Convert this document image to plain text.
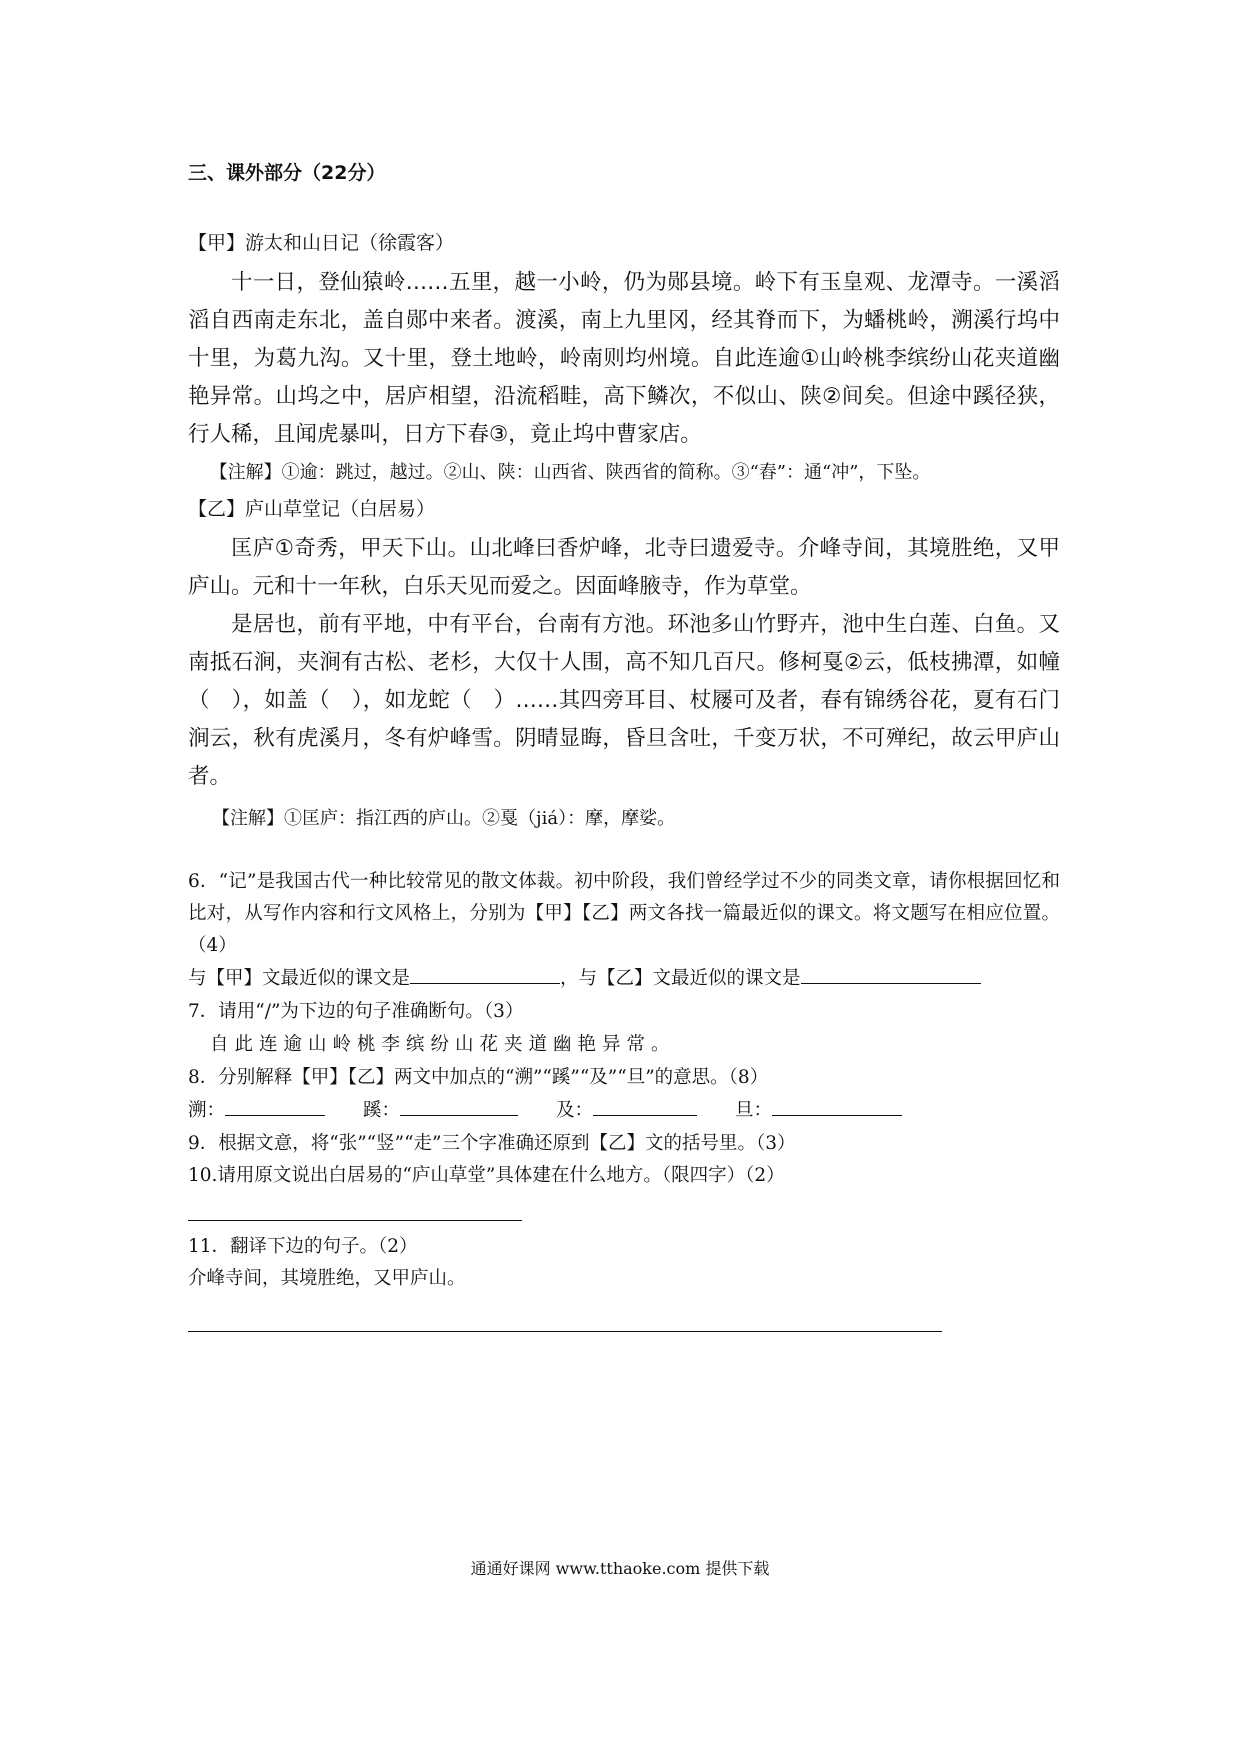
三、课外部分（22分）
【甲】游太和山日记（徐霞客）

十一日，登仙猿岭……五里，越一小岭，仍为郧县境。岭下有玉皇观、龙潭寺。一溪滔滔自西南走东北，盖自郧中来者。渡溪，南上九里冈，经其脊而下，为蟠桃岭，溯溪行坞中十里，为葛九沟。又十里，登土地岭，岭南则均州境。自此连逾①山岭桃李缤纷山花夹道幽艳异常。山坞之中，居庐相望，沿流稻畦，高下鳞次，不似山、陕②间矣。但途中蹊径狭，行人稀，且闻虎暴叫，日方下春③，竟止坞中曹家店。

【注解】①逾：跳过，越过。②山、陕：山西省、陕西省的简称。③“舂”：通“冲”，下坠。
【乙】庐山草堂记（白居易）

匡庐①奇秀，甲天下山。山北峰曰香炉峰，北寺曰遗爱寺。介峰寺间，其境胜绝，又甲庐山。元和十一年秋，白乐天见而爱之。因面峰腋寺，作为草堂。

是居也，前有平地，中有平台，台南有方池。环池多山竹野卉，池中生白莲、白鱼。又南抵石涧，夹涧有古松、老杉，大仅十人围，高不知几百尺。修柯戛②云，低枝拂潭，如幢（　），如盖（　），如龙蛇（　）……其四旁耳目、杖屦可及者，春有锦绣谷花，夏有石门涧云，秋有虎溪月，冬有炉峰雪。阴晴显晦，昏旦含吐，千变万状，不可殚纪，故云甲庐山者。

【注解】①匡庐：指江西的庐山。②戛（jiá）：摩，摩娑。

6．“记”是我国古代一种比较常见的散文体裁。初中阶段，我们曾经学过不少的同类文章，请你根据回忆和比对，从写作内容和行文风格上，分别为【甲】【乙】两文各找一篇最近似的课文。将文题写在相应位置。（4）

与【甲】文最近似的课文是	，与【乙】文最近似的课文是

7．请用“/”为下边的句子准确断句。（3）

自此连逾山岭桃李缤纷山花夹道幽艳异常。

8．分别解释【甲】【乙】两文中加点的“溯”“蹊”“及”“旦”的意思。（8）

溯：	蹊：	及：	旦：

9．根据文意，将“张”“竖”“走”三个字准确还原到【乙】文的括号里。（3）

10.请用原文说出白居易的“庐山草堂”具体建在什么地方。（限四字）（2）

11．翻译下边的句子。（2）

介峰寺间，其境胜绝，又甲庐山。

通通好课网 www.tthaoke.com 提供下载
